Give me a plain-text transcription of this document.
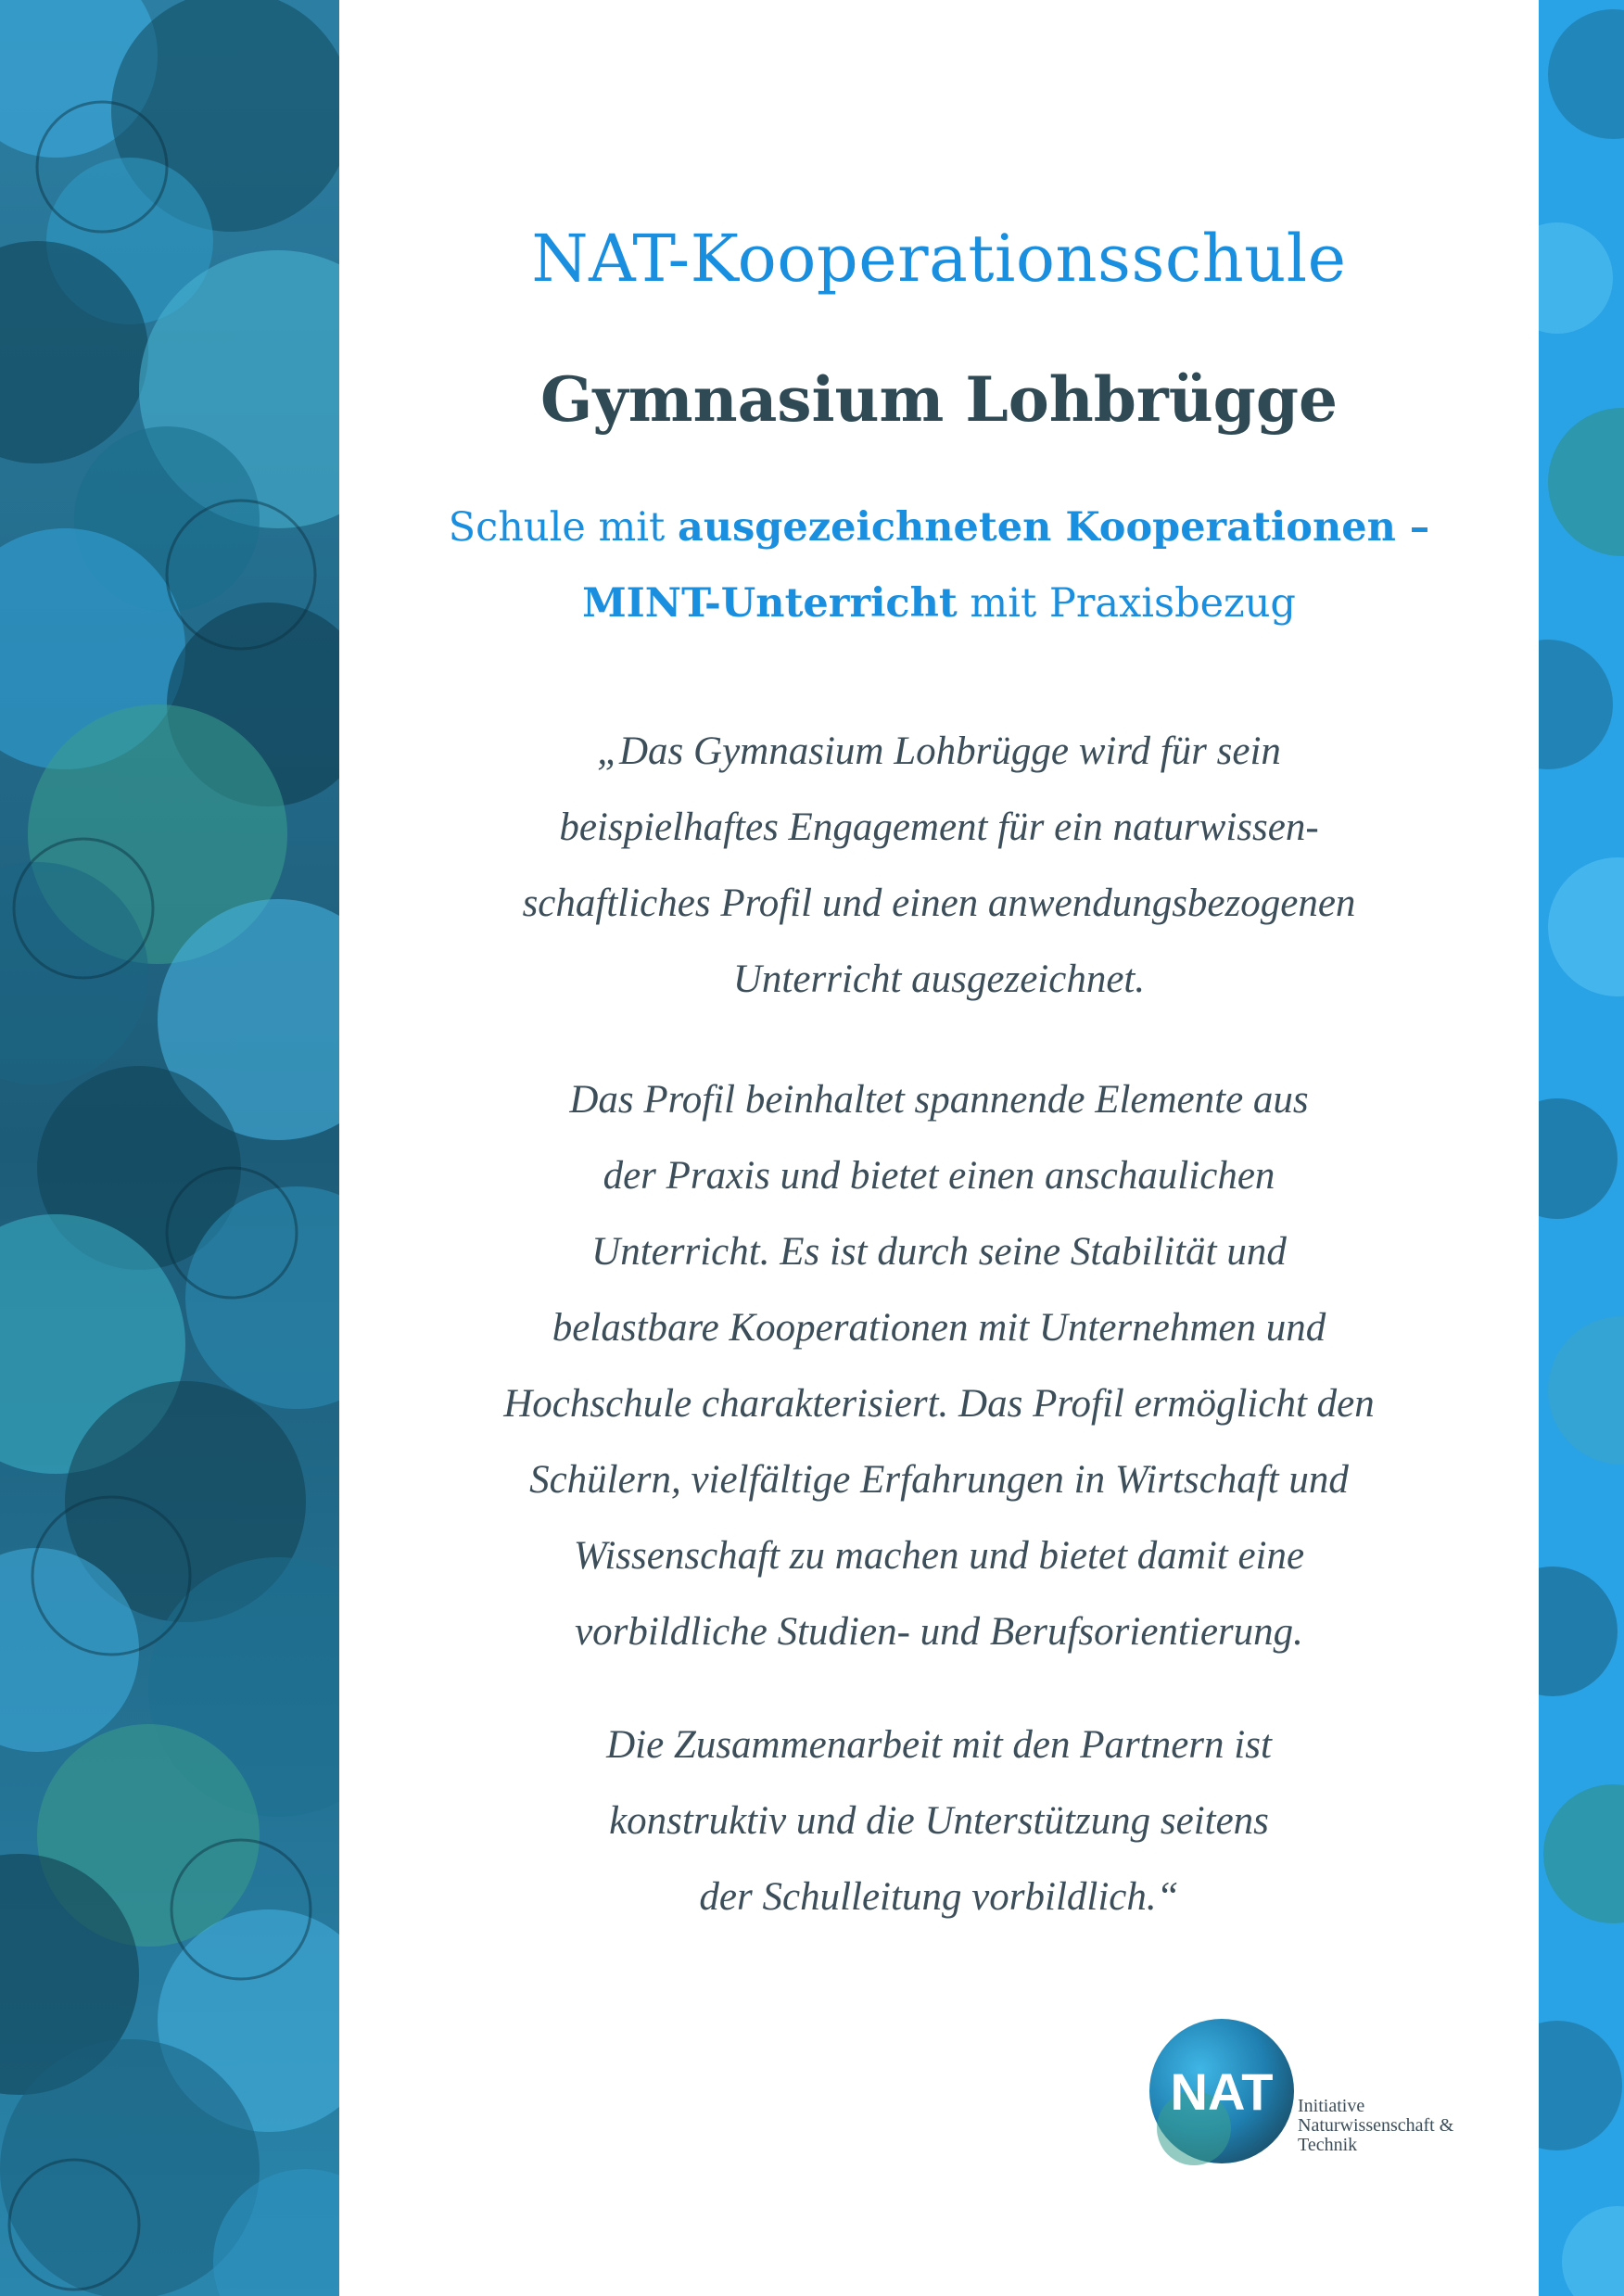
NAT-Kooperationsschule
Gymnasium Lohbrügge
Schule mit ausgezeichneten Kooperationen –
MINT-Unterricht mit Praxisbezug
„Das Gymnasium Lohbrügge wird für sein
beispielhaftes Engagement für ein naturwissen-
schaftliches Profil und einen anwendungsbezogenen
Unterricht ausgezeichnet.
Das Profil beinhaltet spannende Elemente aus
der Praxis und bietet einen anschaulichen
Unterricht. Es ist durch seine Stabilität und
belastbare Kooperationen mit Unternehmen und
Hochschule charakterisiert. Das Profil ermöglicht den
Schülern, vielfältige Erfahrungen in Wirtschaft und
Wissenschaft zu machen und bietet damit eine
vorbildliche Studien- und Berufsorientierung.
Die Zusammenarbeit mit den Partnern ist
konstruktiv und die Unterstützung seitens
der Schulleitung vorbildlich.“
NAT Initiative
Naturwissenschaft &
Technik
